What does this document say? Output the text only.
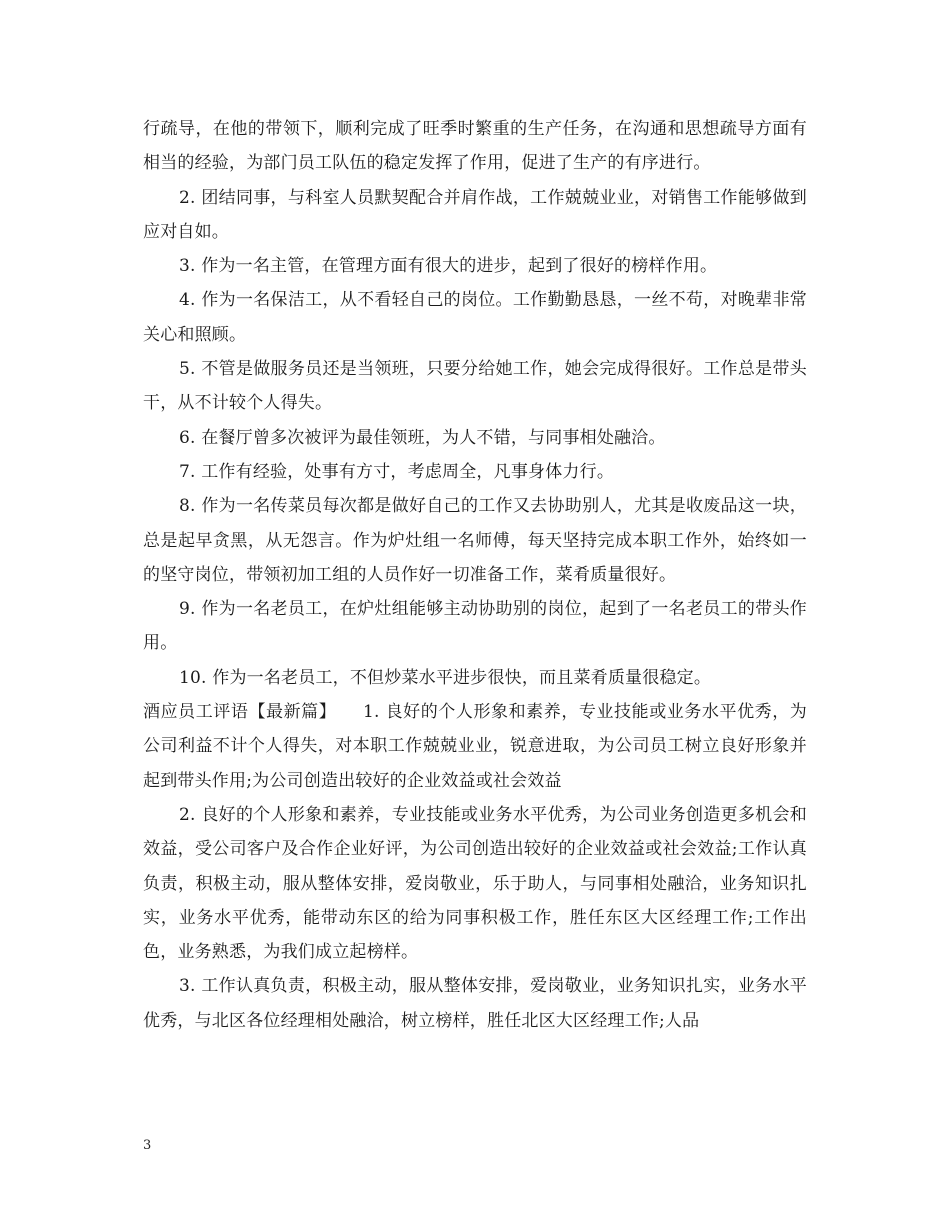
行疏导，在他的带领下，顺利完成了旺季时繁重的生产任务，在沟通和思想疏导方面有相当的经验，为部门员工队伍的稳定发挥了作用，促进了生产的有序进行。

2. 团结同事，与科室人员默契配合并肩作战，工作兢兢业业，对销售工作能够做到应对自如。

3. 作为一名主管，在管理方面有很大的进步，起到了很好的榜样作用。

4. 作为一名保洁工，从不看轻自己的岗位。工作勤勤恳恳，一丝不苟，对晚辈非常关心和照顾。

5. 不管是做服务员还是当领班，只要分给她工作，她会完成得很好。工作总是带头干，从不计较个人得失。

6. 在餐厅曾多次被评为最佳领班，为人不错，与同事相处融洽。

7. 工作有经验，处事有方寸，考虑周全，凡事身体力行。

8. 作为一名传菜员每次都是做好自己的工作又去协助别人，尤其是收废品这一块，总是起早贪黑，从无怨言。作为炉灶组一名师傅，每天坚持完成本职工作外，始终如一的坚守岗位，带领初加工组的人员作好一切准备工作，菜肴质量很好。

9. 作为一名老员工，在炉灶组能够主动协助别的岗位，起到了一名老员工的带头作用。

10. 作为一名老员工，不但炒菜水平进步很快，而且菜肴质量很稳定。

酒应员工评语【最新篇】　　1. 良好的个人形象和素养，专业技能或业务水平优秀，为公司利益不计个人得失，对本职工作兢兢业业，锐意进取，为公司员工树立良好形象并起到带头作用;为公司创造出较好的企业效益或社会效益

2. 良好的个人形象和素养，专业技能或业务水平优秀，为公司业务创造更多机会和效益，受公司客户及合作企业好评，为公司创造出较好的企业效益或社会效益;工作认真负责，积极主动，服从整体安排，爱岗敬业，乐于助人，与同事相处融洽，业务知识扎实，业务水平优秀，能带动东区的给为同事积极工作，胜任东区大区经理工作;工作出色，业务熟悉，为我们成立起榜样。

3. 工作认真负责，积极主动，服从整体安排，爱岗敬业，业务知识扎实，业务水平优秀，与北区各位经理相处融洽，树立榜样，胜任北区大区经理工作;人品

3
